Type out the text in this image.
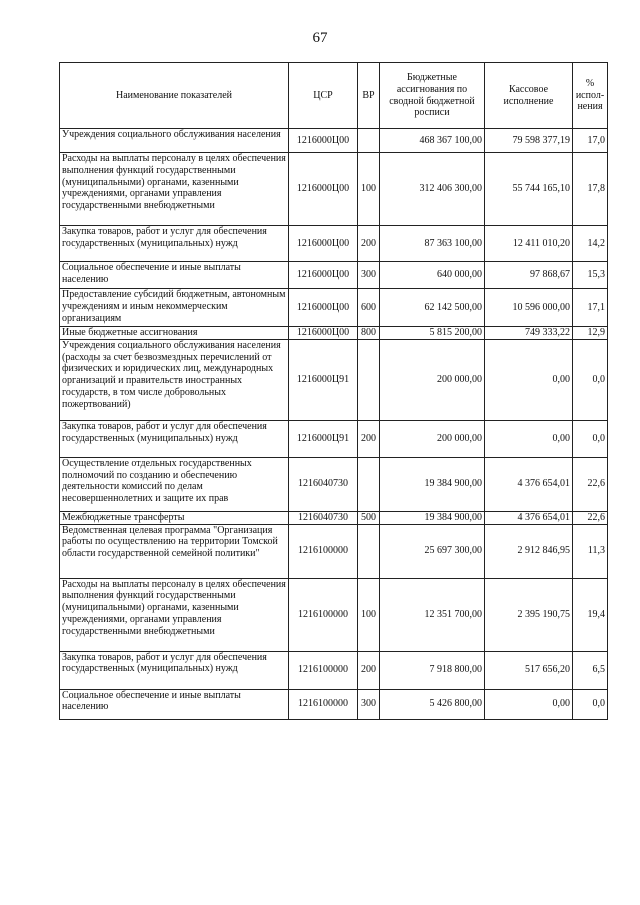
67
Наименование показателей	ЦСР	ВР	Бюджетные ассигнования по сводной бюджетной росписи	Кассовое исполнение	% испол-нения
Учреждения социального обслуживания населения	1216000Ц00		468 367 100,00	79 598 377,19	17,0
Расходы на выплаты персоналу в целях обеспечения выполнения функций государственными (муниципальными) органами, казенными учреждениями, органами управления государственными внебюджетными	1216000Ц00	100	312 406 300,00	55 744 165,10	17,8
Закупка товаров, работ и услуг для обеспечения государственных (муниципальных) нужд	1216000Ц00	200	87 363 100,00	12 411 010,20	14,2
Социальное обеспечение и иные выплаты населению	1216000Ц00	300	640 000,00	97 868,67	15,3
Предоставление субсидий бюджетным, автономным учреждениям и иным некоммерческим организациям	1216000Ц00	600	62 142 500,00	10 596 000,00	17,1
Иные бюджетные ассигнования	1216000Ц00	800	5 815 200,00	749 333,22	12,9
Учреждения социального обслуживания населения (расходы за счет безвозмездных перечислений от физических и юридических лиц, международных организаций и правительств иностранных государств, в том числе добровольных пожертвований)	1216000Ц91		200 000,00	0,00	0,0
Закупка товаров, работ и услуг для обеспечения государственных (муниципальных) нужд	1216000Ц91	200	200 000,00	0,00	0,0
Осуществление отдельных государственных полномочий по созданию и обеспечению деятельности комиссий по делам несовершеннолетних и защите их прав	1216040730		19 384 900,00	4 376 654,01	22,6
Межбюджетные трансферты	1216040730	500	19 384 900,00	4 376 654,01	22,6
Ведомственная целевая программа "Организация работы по осуществлению на территории Томской области государственной семейной политики"	1216100000		25 697 300,00	2 912 846,95	11,3
Расходы на выплаты персоналу в целях обеспечения выполнения функций государственными (муниципальными) органами, казенными учреждениями, органами управления государственными внебюджетными	1216100000	100	12 351 700,00	2 395 190,75	19,4
Закупка товаров, работ и услуг для обеспечения государственных (муниципальных) нужд	1216100000	200	7 918 800,00	517 656,20	6,5
Социальное обеспечение и иные выплаты населению	1216100000	300	5 426 800,00	0,00	0,0
